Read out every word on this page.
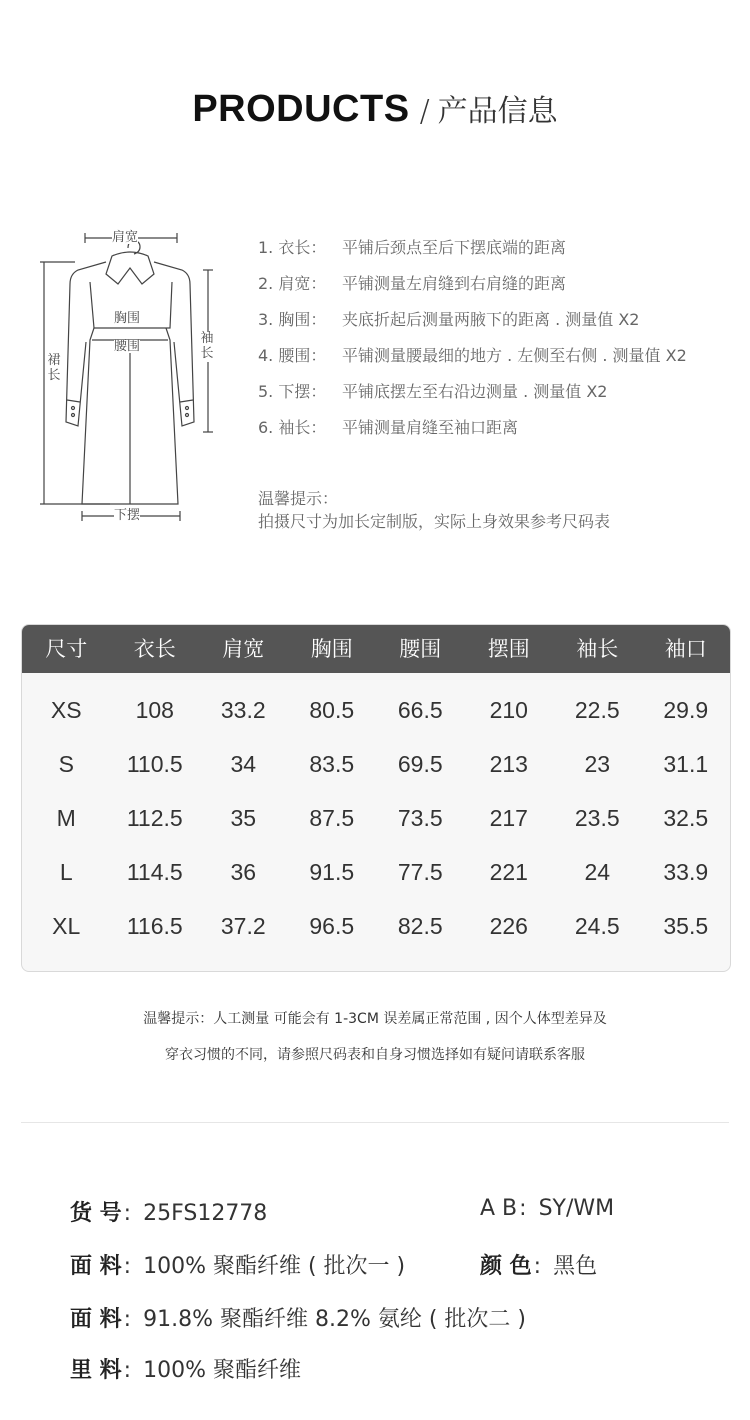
PRODUCTS / 产品信息
肩宽
胸围
腰围
袖长
裙长
下摆
1. 衣长： 平铺后颈点至后下摆底端的距离
2. 肩宽： 平铺测量左肩缝到右肩缝的距离
3. 胸围： 夹底折起后测量两腋下的距离 . 测量值 X2
4. 腰围： 平铺测量腰最细的地方 . 左侧至右侧 . 测量值 X2
5. 下摆： 平铺底摆左至右沿边测量 . 测量值 X2
6. 袖长： 平铺测量肩缝至袖口距离
温馨提示：
拍摄尺寸为加长定制版，实际上身效果参考尺码表
尺寸	衣长	肩宽	胸围	腰围	摆围	袖长	袖口
XS	108	33.2	80.5	66.5	210	22.5	29.9
S	110.5	34	83.5	69.5	213	23	31.1
M	112.5	35	87.5	73.5	217	23.5	32.5
L	114.5	36	91.5	77.5	221	24	33.9
XL	116.5	37.2	96.5	82.5	226	24.5	35.5
温馨提示：人工测量 可能会有 1-3CM 误差属正常范围 , 因个人体型差异及
穿衣习惯的不同，请参照尺码表和自身习惯选择如有疑问请联系客服
货 号: 25FS12778	A B: SY/WM
面 料: 100% 聚酯纤维 ( 批次一 )	颜 色: 黑色
面 料: 91.8% 聚酯纤维 8.2% 氨纶 ( 批次二 )
里 料: 100% 聚酯纤维
